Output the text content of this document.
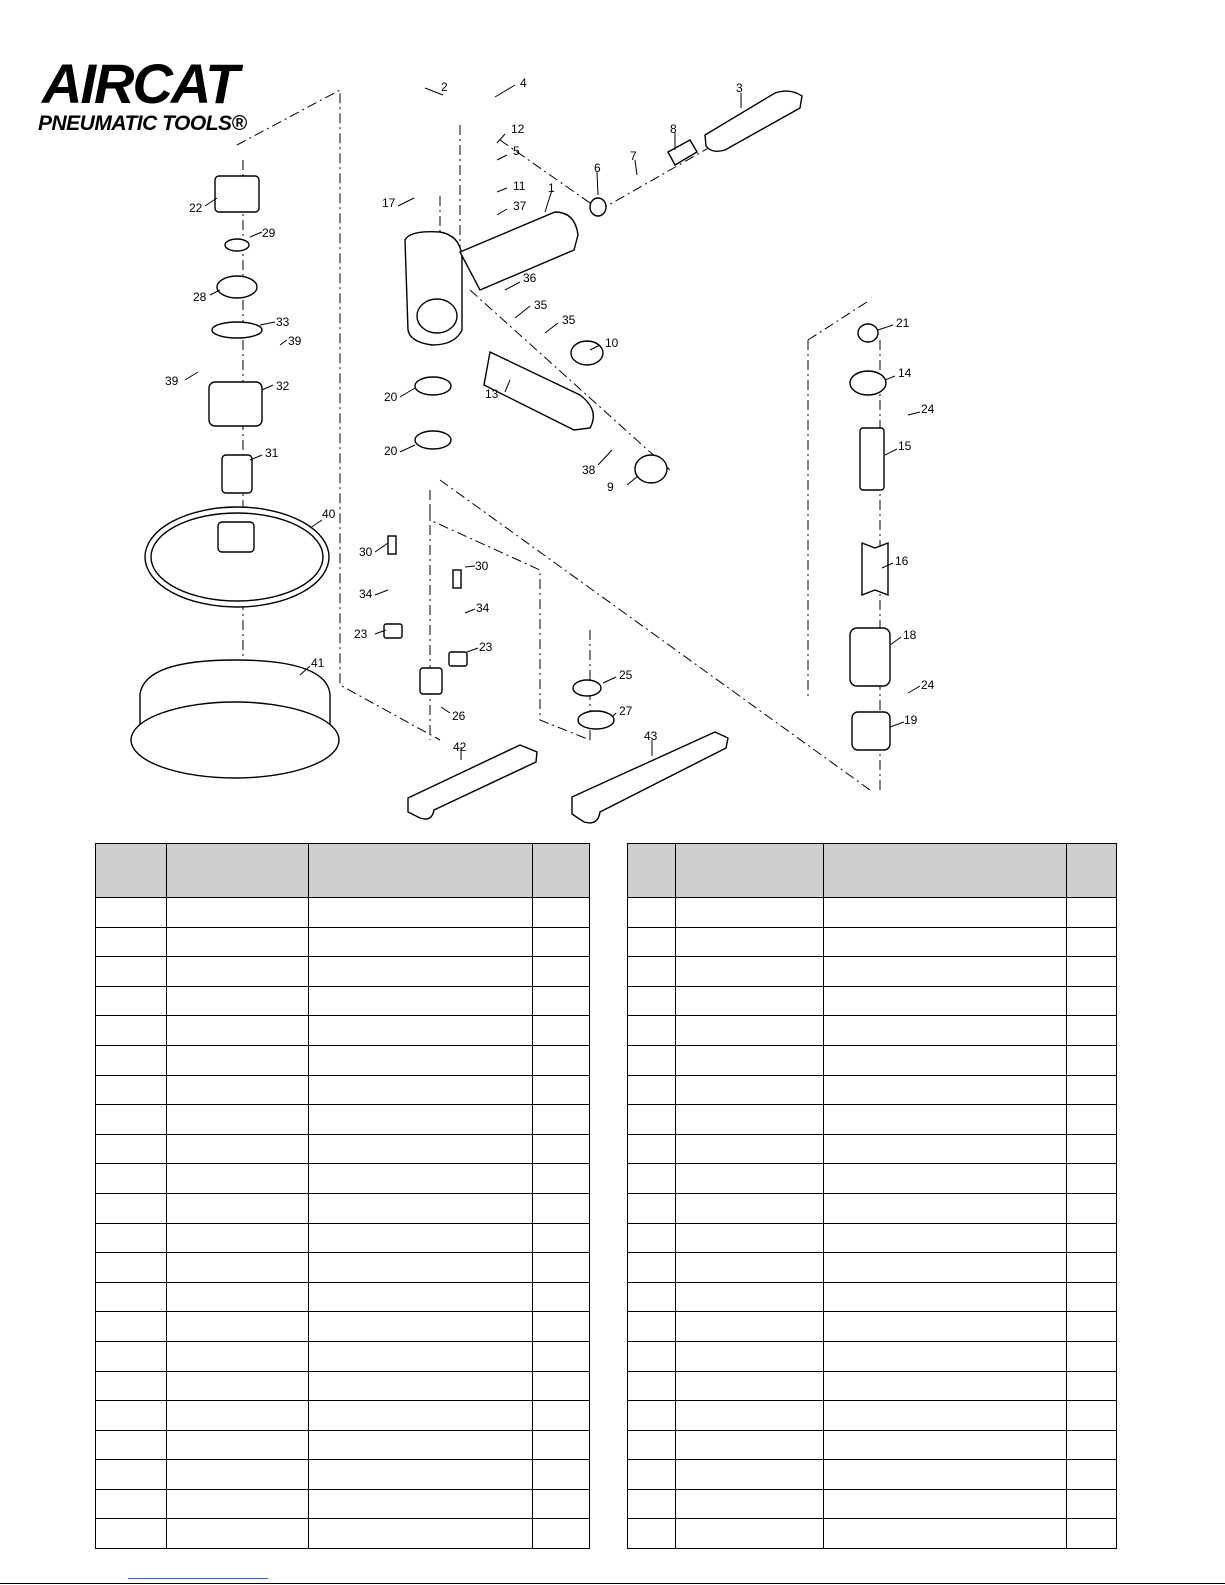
AIRCAT
PNEUMATIC TOOLS®
1
2	3
4
5
6
7
8
9
10
11
12
13
14
15
16
17
18
19
20
20
21
22
23
23
24
24
25
26	27
28
29
30
30
31
32
33
34
34
35
35
36
37
38
39
39
40
41
42
43
